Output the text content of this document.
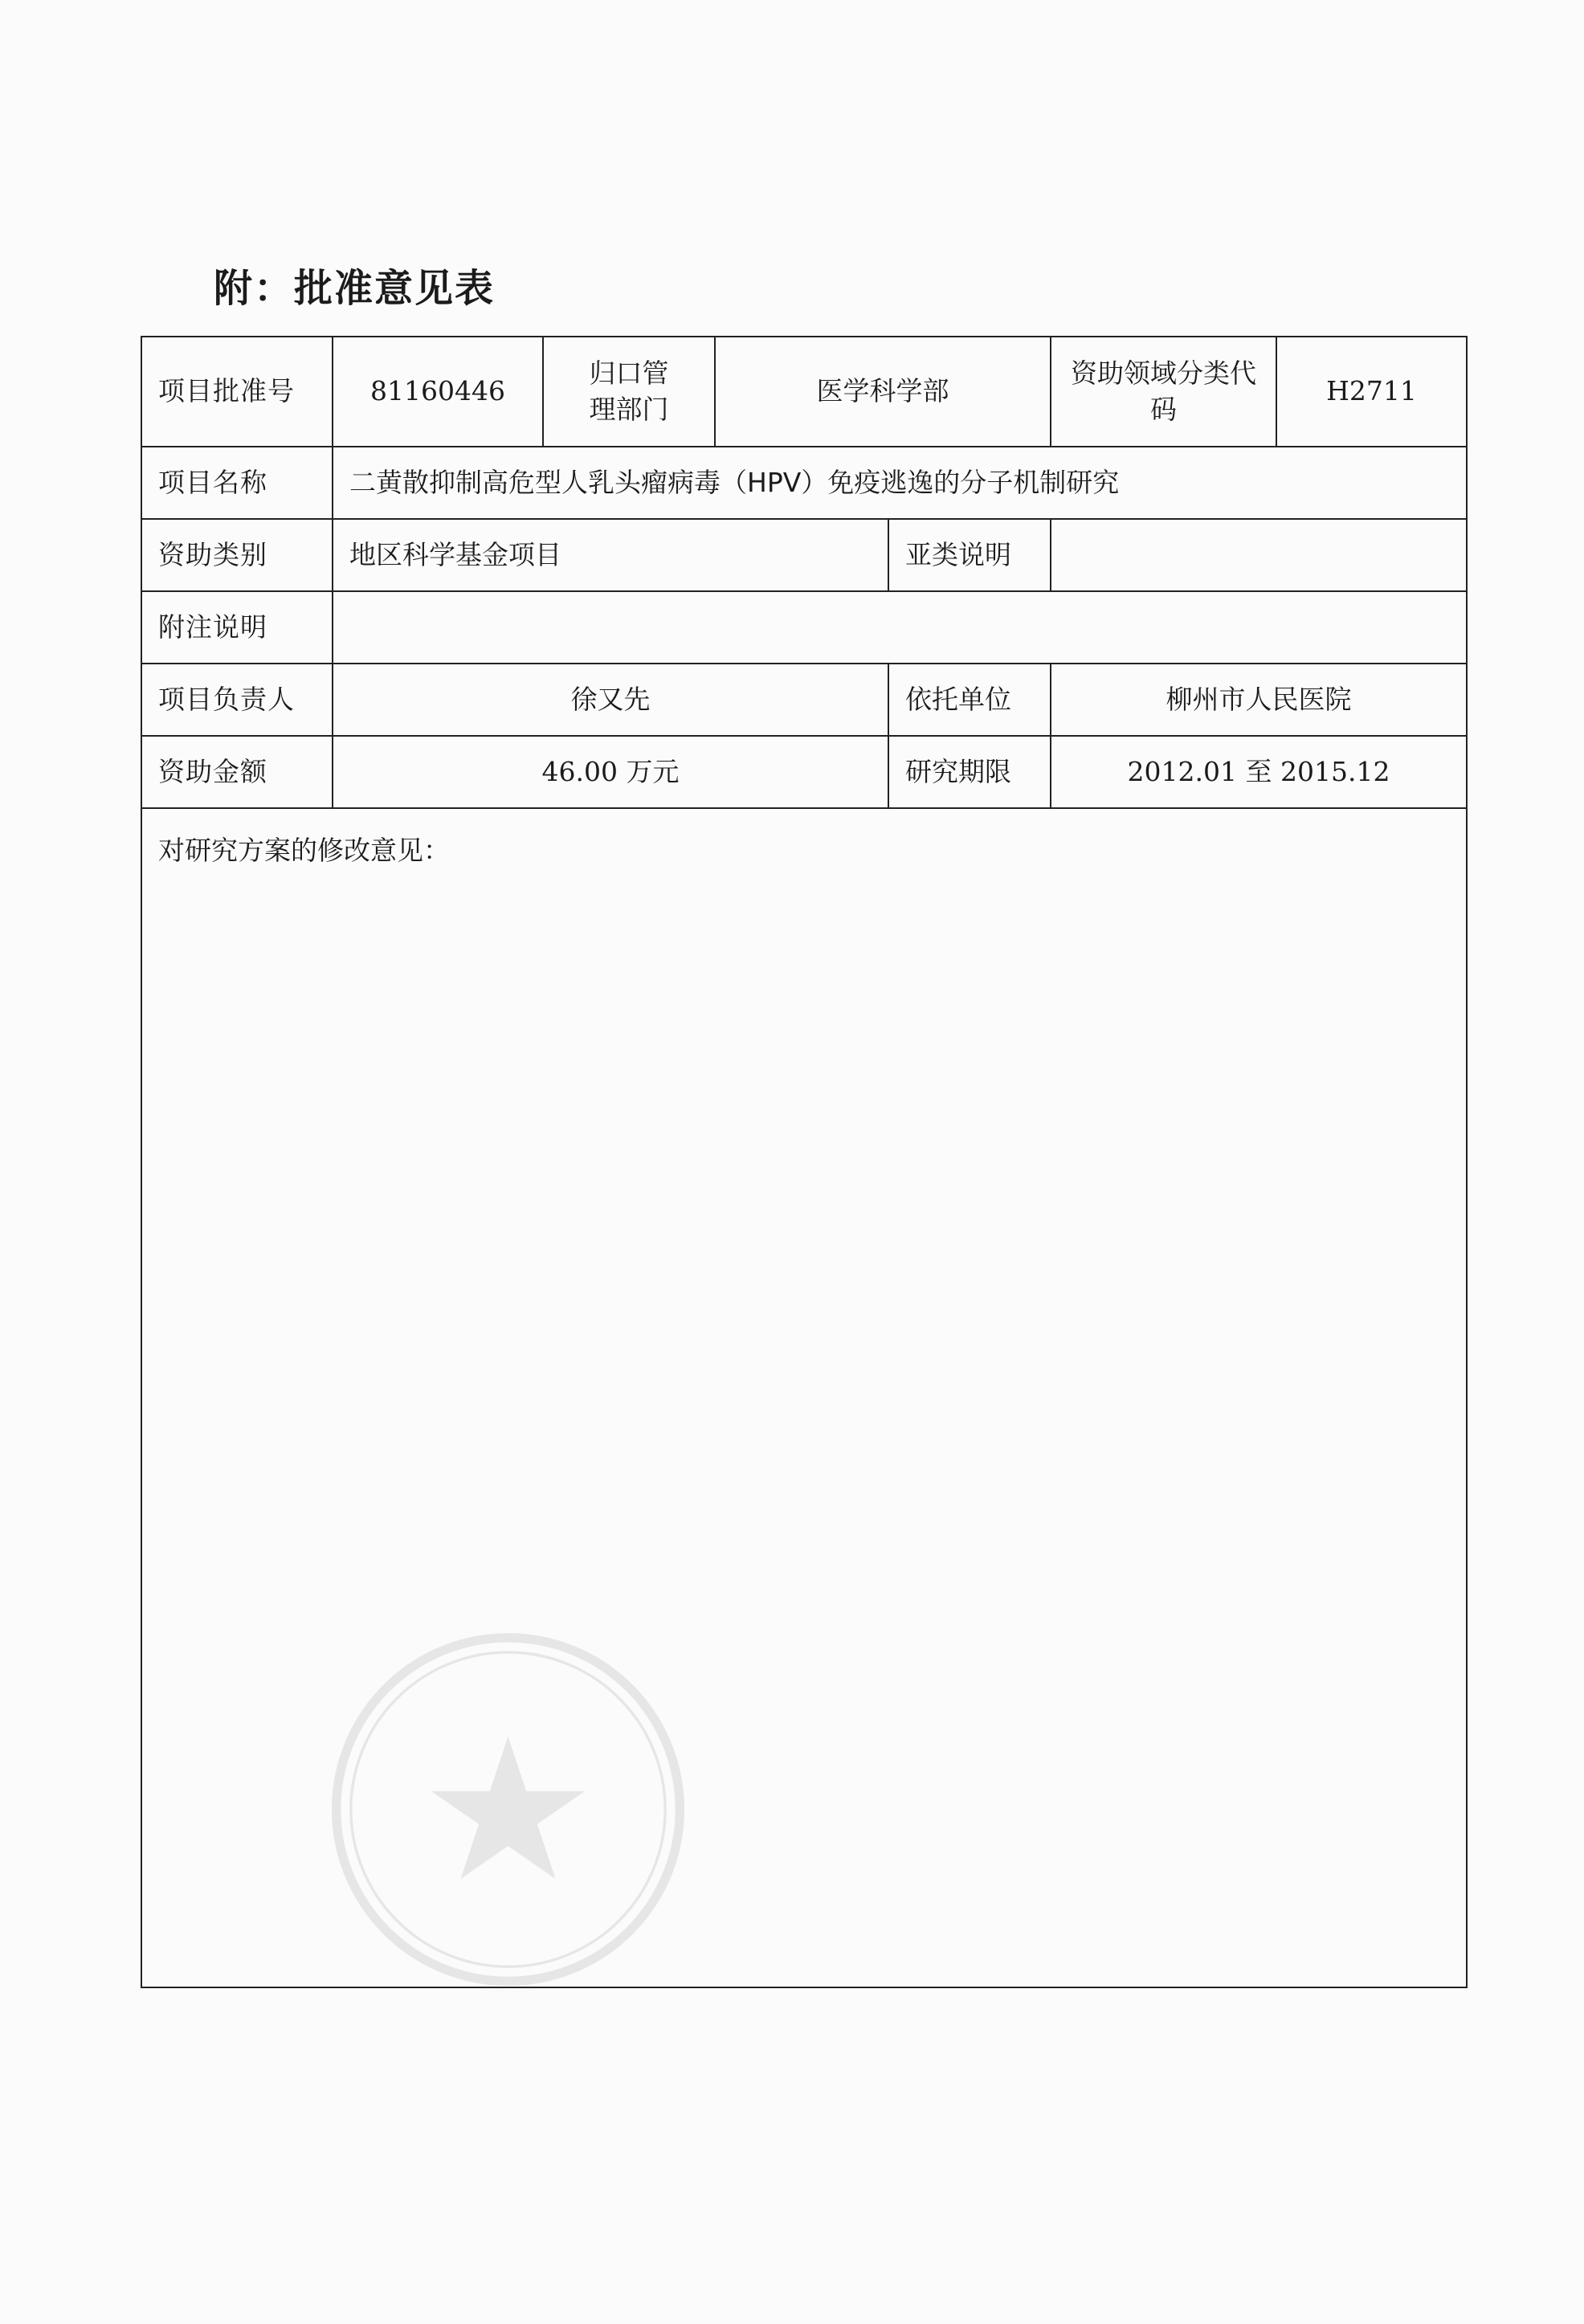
附：批准意见表
项目批准号	81160446	归口管理部门	医学科学部		资助领域分类代码	H2711
项目名称	二黄散抑制高危型人乳头瘤病毒（HPV）免疫逃逸的分子机制研究					
资助类别	地区科学基金项目			亚类说明		
附注说明						
项目负责人	徐又先			依托单位	柳州市人民医院	
资助金额	46.00 万元			研究期限	2012.01 至 2015.12	

对研究方案的修改意见：						
